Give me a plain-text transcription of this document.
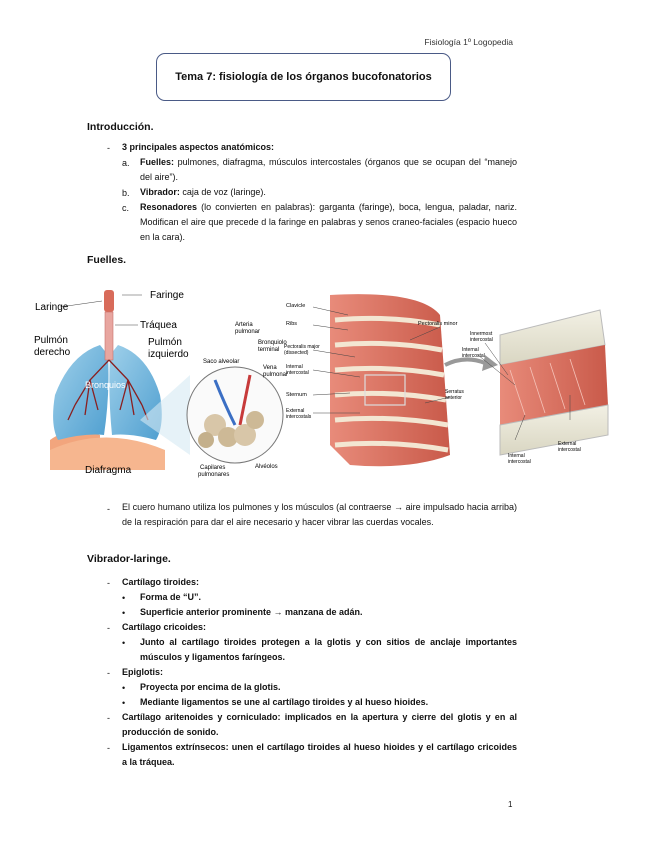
Fisiología 1º Logopedia
Tema 7: fisiología de los órganos bucofonatorios
Introducción.
- 3 principales aspectos anatómicos:
a. Fuelles: pulmones, diafragma, músculos intercostales (órganos que se ocupan del “manejo del aire”).
b. Vibrador: caja de voz (laringe).
c. Resonadores (lo convierten en palabras): garganta (faringe), boca, lengua, paladar, nariz. Modifican el aire que precede d la faringe en palabras y senos craneo-faciales (espacio hueco en la cara).
Fuelles.
Faringe
Laringe
Tráquea
Pulmón
derecho
Pulmón
izquierdo
Bronquios
Diafragma
Arteria
pulmonar
Bronquiolo
terminal
Saco alveolar
Vena
pulmonar
Capilares
pulmonares
Alvéolos
Clavicle
Ribs
Pectoralis major
(dissected)
Internal
intercostal
Sternum
External
intercostals
Pectoralis minor
Serratus
anterior
Innermost
intercostal
Internal
intercostal
Internal
intercostal
External
intercostal
- El cuero humano utiliza los pulmones y los músculos (al contraerse → aire impulsado hacia arriba) de la respiración para dar el aire necesario y hacer vibrar las cuerdas vocales.
Vibrador-laringe.
- Cartílago tiroides:
• Forma de “U”.
• Superficie anterior prominente → manzana de adán.
- Cartílago cricoides:
• Junto al cartílago tiroides protegen a la glotis y con sitios de anclaje importantes músculos y ligamentos faríngeos.
- Epiglotis:
• Proyecta por encima de la glotis.
• Mediante ligamentos se une al cartílago tiroides y al hueso hioides.
- Cartílago aritenoides y corniculado: implicados en la apertura y cierre del glotis y en al producción de sonido.
- Ligamentos extrínsecos: unen el cartílago tiroides al hueso hioides y el cartílago cricoides a la tráquea.
1
